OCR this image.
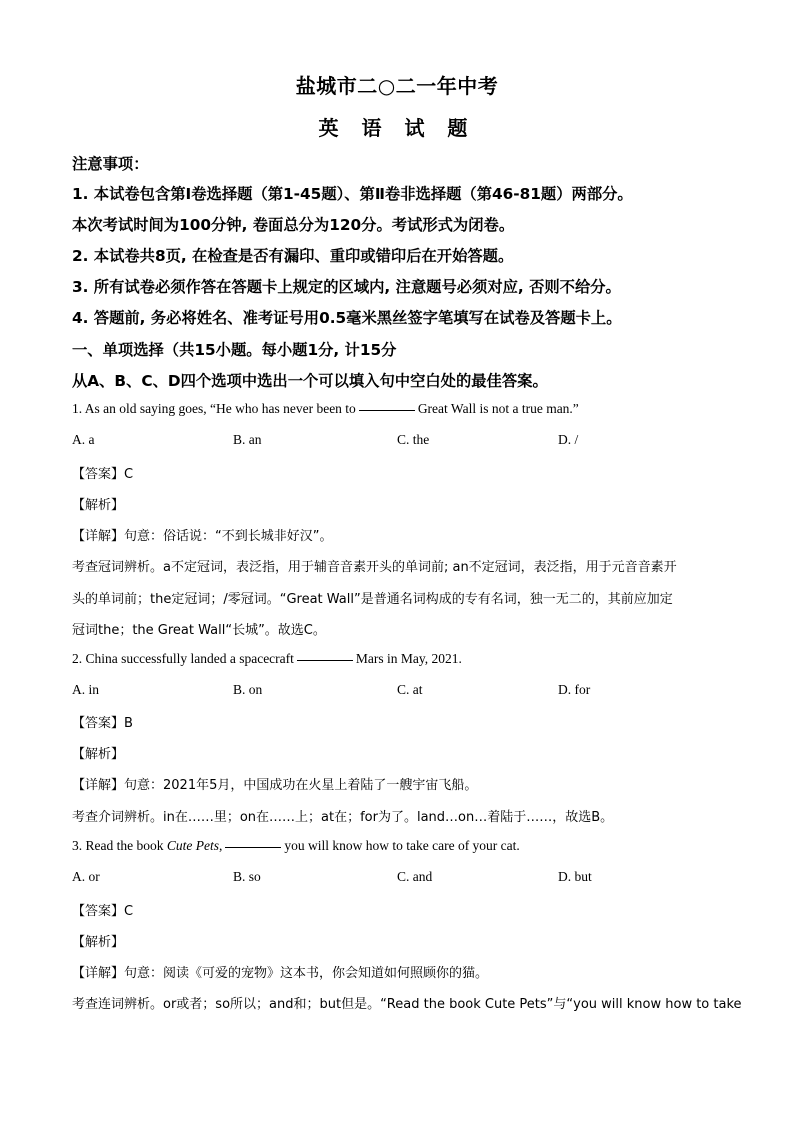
盐城市二○二一年中考
英 语 试 题
注意事项：
1. 本试卷包含第Ⅰ卷选择题（第1-45题）、第Ⅱ卷非选择题（第46-81题）两部分。
本次考试时间为100分钟, 卷面总分为120分。考试形式为闭卷。
2. 本试卷共8页, 在检查是否有漏印、重印或错印后在开始答题。
3. 所有试卷必须作答在答题卡上规定的区域内, 注意题号必须对应, 否则不给分。
4. 答题前, 务必将姓名、准考证号用0.5毫米黑丝签字笔填写在试卷及答题卡上。
一、单项选择（共15小题。每小题1分, 计15分
从A、B、C、D四个选项中选出一个可以填入句中空白处的最佳答案。
1. As an old saying goes, “He who has never been to	Great Wall is not a true man.”
A. a	B. an	C. the	D. /
【答案】C
【解析】
【详解】句意：俗话说：“不到长城非好汉”。
考查冠词辨析。a不定冠词，表泛指，用于辅音音素开头的单词前; an不定冠词，表泛指，用于元音音素开
头的单词前；the定冠词；/零冠词。“Great Wall”是普通名词构成的专有名词，独一无二的，其前应加定
冠词the；the Great Wall“长城”。故选C。
2. China successfully landed a spacecraft	Mars in May, 2021.
A. in	B. on	C. at	D. for
【答案】B
【解析】
【详解】句意：2021年5月，中国成功在火星上着陆了一艘宇宙飞船。
考查介词辨析。in在……里；on在……上；at在；for为了。land…on…着陆于……，故选B。
3. Read the book Cute Pets,	you will know how to take care of your cat.
A. or	B. so	C. and	D. but
【答案】C
【解析】
【详解】句意：阅读《可爱的宠物》这本书，你会知道如何照顾你的猫。
考查连词辨析。or或者；so所以；and和；but但是。“Read the book Cute Pets”与“you will know how to take
